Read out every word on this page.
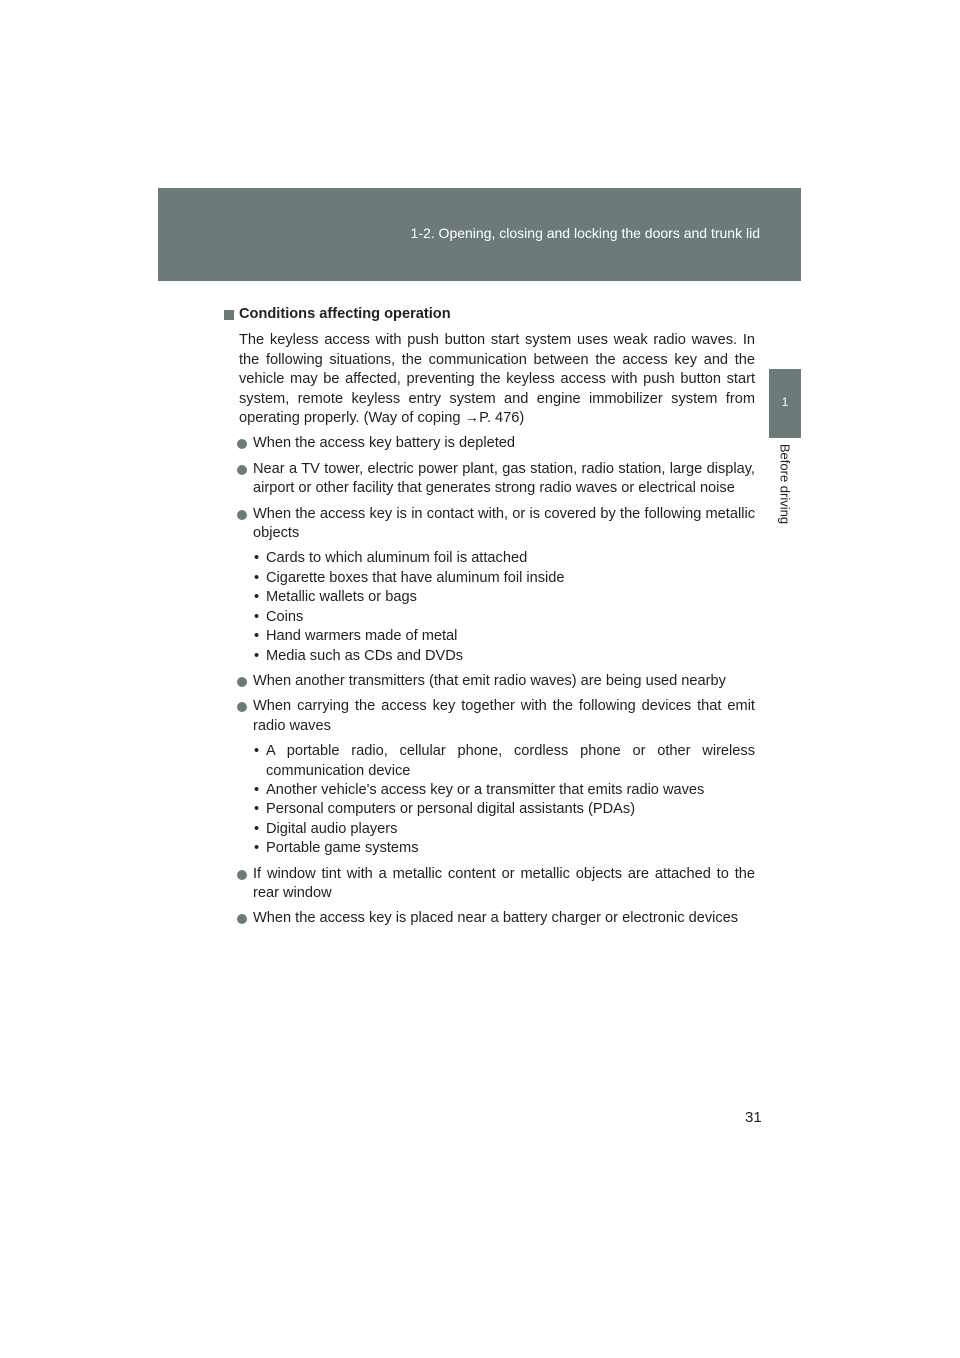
1-2. Opening, closing and locking the doors and trunk lid
1
Before driving
Conditions affecting operation
The keyless access with push button start system uses weak radio waves. In the following situations, the communication between the access key and the vehicle may be affected, preventing the keyless access with push button start system, remote keyless entry system and engine immobilizer system from operating properly. (Way of coping →P. 476)
When the access key battery is depleted
Near a TV tower, electric power plant, gas station, radio station, large display, airport or other facility that generates strong radio waves or electrical noise
When the access key is in contact with, or is covered by the following metallic objects
• Cards to which aluminum foil is attached
• Cigarette boxes that have aluminum foil inside
• Metallic wallets or bags
• Coins
• Hand warmers made of metal
• Media such as CDs and DVDs
When another transmitters (that emit radio waves) are being used nearby
When carrying the access key together with the following devices that emit radio waves
• A portable radio, cellular phone, cordless phone or other wireless communication device
• Another vehicle's access key or a transmitter that emits radio waves
• Personal computers or personal digital assistants (PDAs)
• Digital audio players
• Portable game systems
If window tint with a metallic content or metallic objects are attached to the rear window
When the access key is placed near a battery charger or electronic devices
31
